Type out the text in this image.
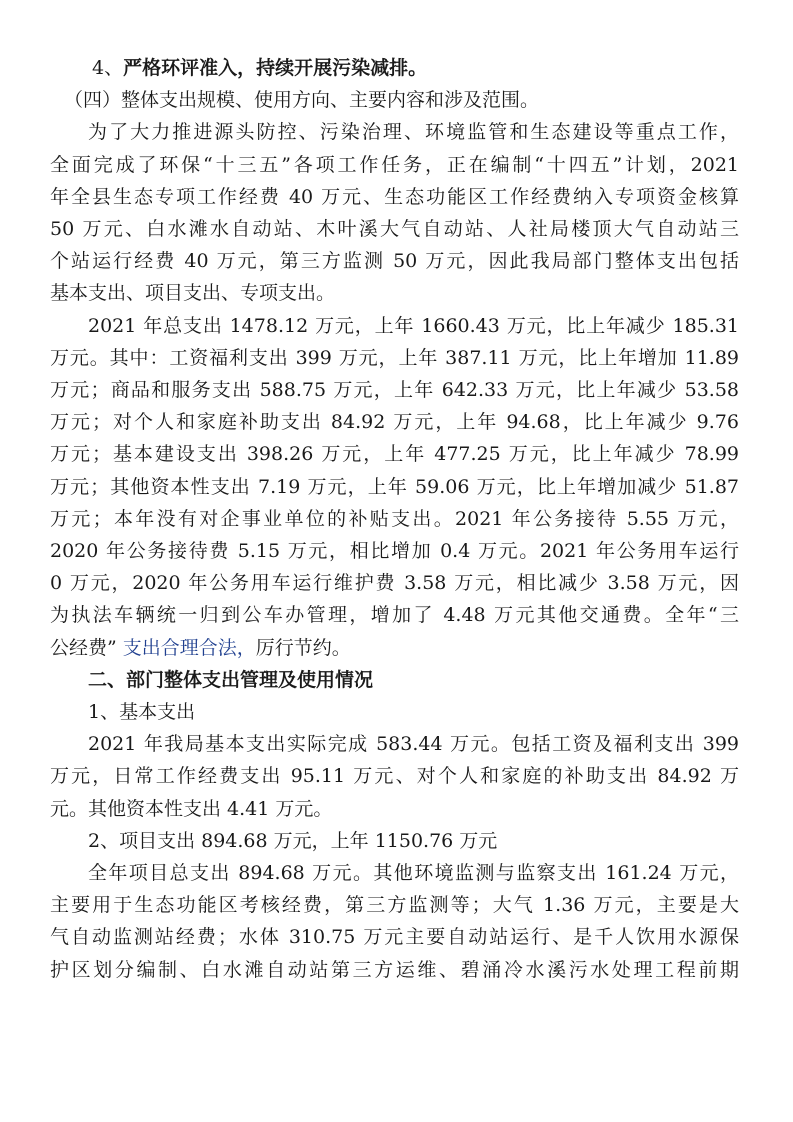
4、严格环评准入，持续开展污染减排。

（四）整体支出规模、使用方向、主要内容和涉及范围。

为了大力推进源头防控、污染治理、环境监管和生态建设等重点工作，

全面完成了环保“十三五”各项工作任务，正在编制“十四五”计划，2021

年全县生态专项工作经费 40 万元、生态功能区工作经费纳入专项资金核算

50 万元、白水滩水自动站、木叶溪大气自动站、人社局楼顶大气自动站三

个站运行经费 40 万元，第三方监测 50 万元，因此我局部门整体支出包括

基本支出、项目支出、专项支出。

2021 年总支出 1478.12 万元，上年 1660.43 万元，比上年减少 185.31

万元。其中：工资福利支出 399 万元，上年 387.11 万元，比上年增加 11.89

万元；商品和服务支出 588.75 万元，上年 642.33 万元，比上年减少 53.58

万元；对个人和家庭补助支出 84.92 万元，上年 94.68，比上年减少 9.76

万元；基本建设支出 398.26 万元，上年 477.25 万元，比上年减少 78.99

万元；其他资本性支出 7.19 万元，上年 59.06 万元，比上年增加减少 51.87

万元；本年没有对企事业单位的补贴支出。2021 年公务接待 5.55 万元，

2020 年公务接待费 5.15 万元，相比增加 0.4 万元。2021 年公务用车运行

0 万元，2020 年公务用车运行维护费 3.58 万元，相比减少 3.58 万元，因

为执法车辆统一归到公车办管理，增加了 4.48 万元其他交通费。全年“三

公经费” 支出合理合法，厉行节约。

二、部门整体支出管理及使用情况

1、基本支出

2021 年我局基本支出实际完成 583.44 万元。包括工资及福利支出 399

万元，日常工作经费支出 95.11 万元、对个人和家庭的补助支出 84.92 万

元。其他资本性支出 4.41 万元。

2、项目支出 894.68 万元，上年 1150.76 万元

全年项目总支出 894.68 万元。其他环境监测与监察支出 161.24 万元，

主要用于生态功能区考核经费，第三方监测等；大气 1.36 万元，主要是大

气自动监测站经费；水体 310.75 万元主要自动站运行、是千人饮用水源保

护区划分编制、白水滩自动站第三方运维、碧涌冷水溪污水处理工程前期
